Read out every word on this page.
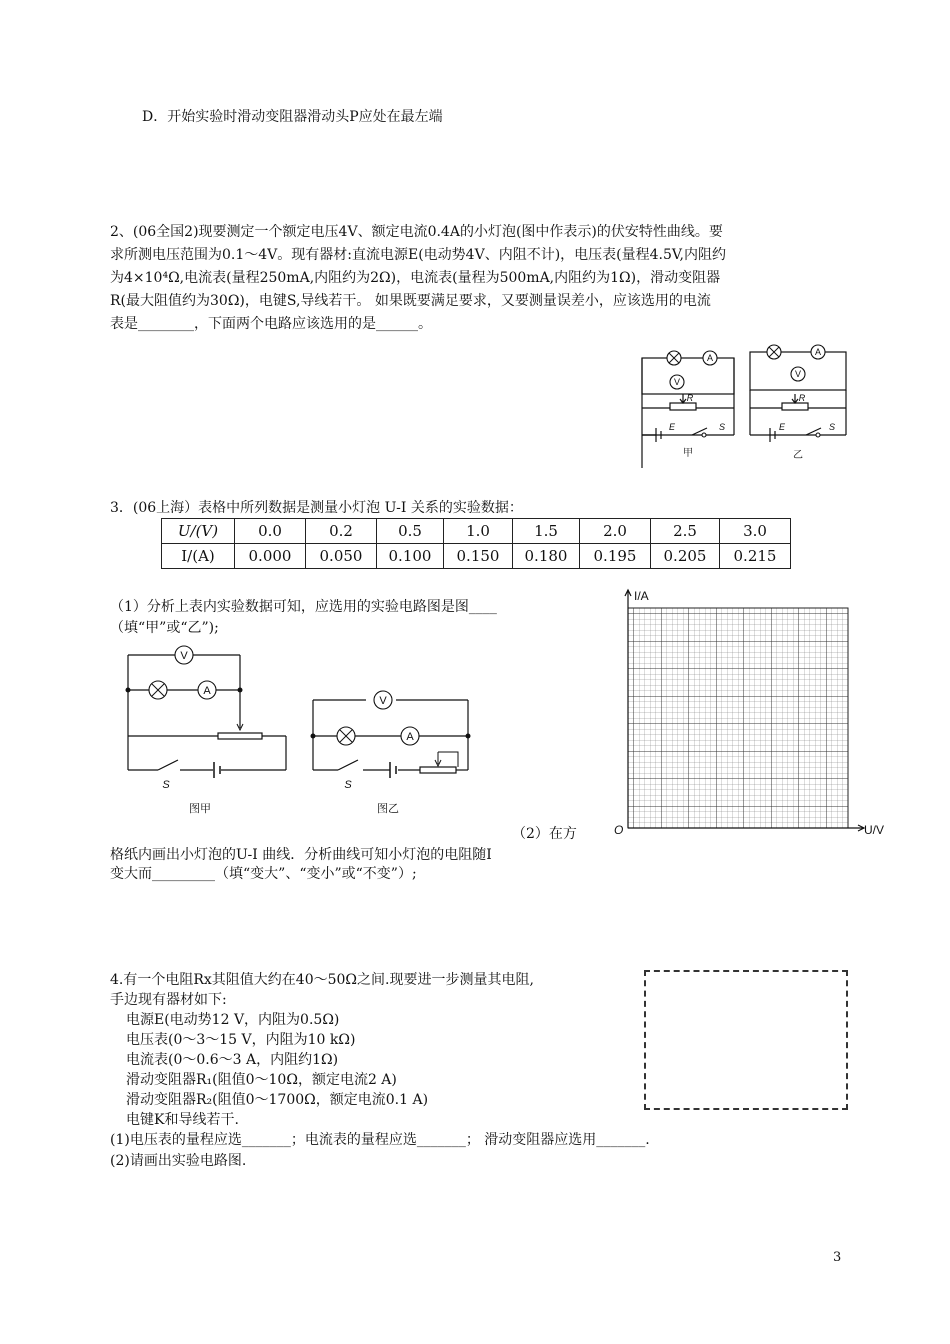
D．开始实验时滑动变阻器滑动头P应处在最左端
2、(06全国2)现要测定一个额定电压4V、额定电流0.4A的小灯泡(图中作表示)的伏安特性曲线。要
求所测电压范围为0.1～4V。现有器材:直流电源E(电动势4V、内阻不计)，电压表(量程4.5V,内阻约
为4×10⁴Ω,电流表(量程250mA,内阻约为2Ω)，电流表(量程为500mA,内阻约为1Ω)，滑动变阻器
R(最大阻值约为30Ω)，电键S,导线若干。 如果既要满足要求，又要测量误差小，应该选用的电流
表是________，下面两个电路应该选用的是______。
A
V
A
V
R	R
E	E
S	S
甲	乙
3．(06上海）表格中所列数据是测量小灯泡 U-I 关系的实验数据：
U/(V)	0.0	0.2	0.5	1.0	1.5	2.0	2.5	3.0
I/(A)	0.000	0.050	0.100	0.150	0.180	0.195	0.205	0.215
（1）分析上表内实验数据可知，应选用的实验电路图是图____
（填“甲”或“乙”);
V
A
V
A
S	S
图甲	图乙
（2）在方
格纸内画出小灯泡的U-I 曲线．分析曲线可知小灯泡的电阻随I
变大而_________（填“变大”、“变小”或“不变”）;
I/A
U/V
O
4.有一个电阻Rx其阻值大约在40～50Ω之间.现要进一步测量其电阻,
手边现有器材如下:
电源E(电动势12 V，内阻为0.5Ω)
电压表(0～3～15 V，内阻为10 kΩ)
电流表(0～0.6～3 A，内阻约1Ω)
滑动变阻器R₁(阻值0～10Ω，额定电流2 A)
滑动变阻器R₂(阻值0～1700Ω，额定电流0.1 A)
电键K和导线若干.
(1)电压表的量程应选_______；电流表的量程应选_______； 滑动变阻器应选用_______.
(2)请画出实验电路图.
3
